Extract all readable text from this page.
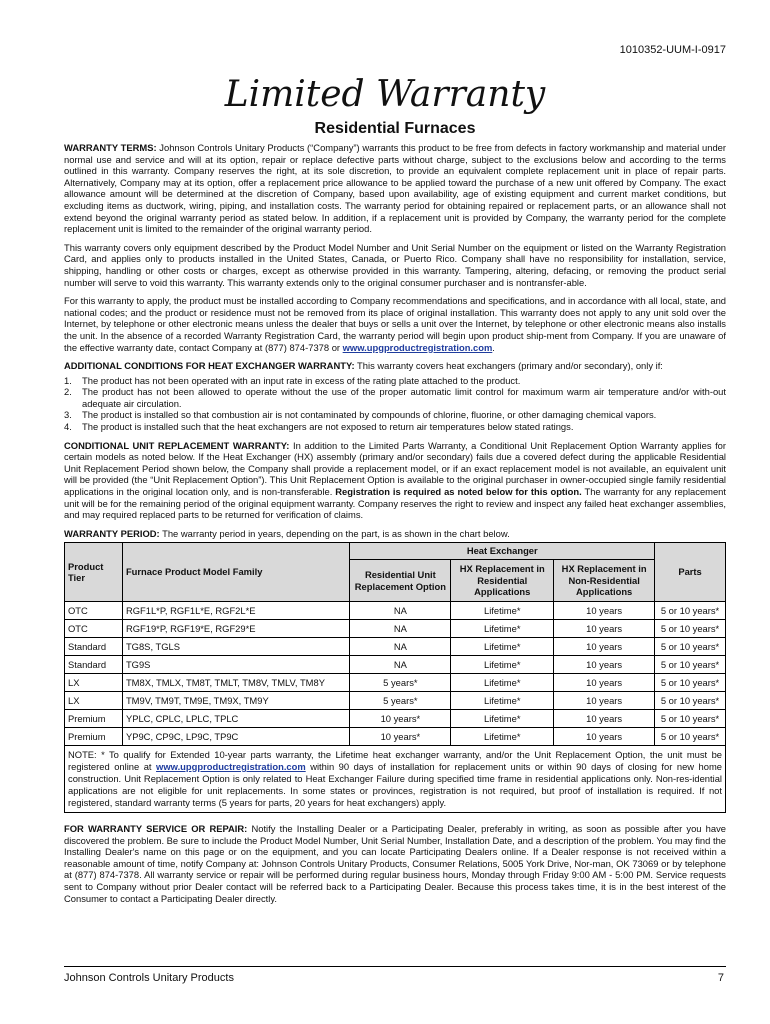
1010352-UUM-I-0917
Limited Warranty
Residential Furnaces

WARRANTY TERMS: Johnson Controls Unitary Products (“Company”) warrants this product to be free from defects in factory workmanship and material under normal use and service and will at its option, repair or replace defective parts without charge, subject to the exclusions below and according to the terms outlined in this warranty. Company reserves the right, at its sole discretion, to provide an equivalent complete replacement unit in place of repair parts. Alternatively, Company may at its option, offer a replacement price allowance to be applied toward the purchase of a new unit offered by Company. The exact allowance amount will be determined at the discretion of Company, based upon availability, age of existing equipment and current market conditions, but excluding items as ductwork, wiring, piping, and installation costs. The warranty period for obtaining repaired or replacement parts, or an allowance shall not extend beyond the original warranty period as stated below. In addition, if a replacement unit is provided by Company, the warranty period for the complete replacement unit is limited to the remainder of the original warranty period.

This warranty covers only equipment described by the Product Model Number and Unit Serial Number on the equipment or listed on the Warranty Registration Card, and applies only to products installed in the United States, Canada, or Puerto Rico. Company shall have no responsibility for installation, service, shipping, handling or other costs or charges, except as otherwise provided in this warranty. Tampering, altering, defacing, or removing the product serial number will serve to void this warranty. This warranty extends only to the original consumer purchaser and is nontransfer-able.

For this warranty to apply, the product must be installed according to Company recommendations and specifications, and in accordance with all local, state, and national codes; and the product or residence must not be removed from its place of original installation. This warranty does not apply to any unit sold over the Internet, by telephone or other electronic means unless the dealer that buys or sells a unit over the Internet, by telephone or other electronic means also installs the unit. In the absence of a recorded Warranty Registration Card, the warranty period will begin upon product ship-ment from Company. If you are unaware of the effective warranty date, contact Company at (877) 874-7378 or www.upgproductregistration.com.

ADDITIONAL CONDITIONS FOR HEAT EXCHANGER WARRANTY: This warranty covers heat exchangers (primary and/or secondary), only if:

1. The product has not been operated with an input rate in excess of the rating plate attached to the product.
2. The product has not been allowed to operate without the use of the proper automatic limit control for maximum warm air temperature and/or with-out adequate air circulation.
3. The product is installed so that combustion air is not contaminated by compounds of chlorine, fluorine, or other damaging chemical vapors.
4. The product is installed such that the heat exchangers are not exposed to return air temperatures below stated ratings.

CONDITIONAL UNIT REPLACEMENT WARRANTY: In addition to the Limited Parts Warranty, a Conditional Unit Replacement Option Warranty applies for certain models as noted below. If the Heat Exchanger (HX) assembly (primary and/or secondary) fails due a covered defect during the applicable Residential Unit Replacement Period shown below, the Company shall provide a replacement model, or if an exact replacement model is not available, an equivalent unit will be provided (the “Unit Replacement Option”). This Unit Replacement Option is available to the original purchaser in owner-occupied single family residential applications in the original location only, and is non-transferable. Registration is required as noted below for this option. The warranty for any replacement unit will be for the remaining period of the original equipment warranty. Company reserves the right to review and inspect any failed heat exchanger assemblies, and may required replaced parts to be returned for verification of claims.

WARRANTY PERIOD: The warranty period in years, depending on the part, is as shown in the chart below.

Product Tier	Furnace Product Model Family	Heat Exchanger			Parts
		Residential Unit Replacement Option	HX Replacement in Residential Applications	HX Replacement in Non-Residential Applications	
OTC	RGF1L*P, RGF1L*E, RGF2L*E	NA	Lifetime*	10 years	5 or 10 years*
OTC	RGF19*P, RGF19*E, RGF29*E	NA	Lifetime*	10 years	5 or 10 years*
Standard	TG8S, TGLS	NA	Lifetime*	10 years	5 or 10 years*
Standard	TG9S	NA	Lifetime*	10 years	5 or 10 years*
LX	TM8X, TMLX, TM8T, TMLT, TM8V, TMLV, TM8Y	5 years*	Lifetime*	10 years	5 or 10 years*
LX	TM9V, TM9T, TM9E, TM9X, TM9Y	5 years*	Lifetime*	10 years	5 or 10 years*
Premium	YPLC, CPLC, LPLC, TPLC	10 years*	Lifetime*	10 years	5 or 10 years*
Premium	YP9C, CP9C, LP9C, TP9C	10 years*	Lifetime*	10 years	5 or 10 years*
NOTE: * To qualify for Extended 10-year parts warranty, the Lifetime heat exchanger warranty, and/or the Unit Replacement Option, the unit must be registered online at www.upgproductregistration.com within 90 days of installation for replacement units or within 90 days of closing for new home construction. Unit Replacement Option is only related to Heat Exchanger Failure during specified time frame in residential applications only. Non-res-idential applications are not eligible for unit replacements. In some states or provinces, registration is not required, but proof of installation is required. If not registered, standard warranty terms (5 years for parts, 20 years for heat exchangers) apply.					

FOR WARRANTY SERVICE OR REPAIR: Notify the Installing Dealer or a Participating Dealer, preferably in writing, as soon as possible after you have discovered the problem. Be sure to include the Product Model Number, Unit Serial Number, Installation Date, and a description of the problem. You may find the Installing Dealer's name on this page or on the equipment, and you can locate Participating Dealers online. If a Dealer response is not received within a reasonable amount of time, notify Company at: Johnson Controls Unitary Products, Consumer Relations, 5005 York Drive, Nor-man, OK 73069 or by telephone at (877) 874-7378. All warranty service or repair will be performed during regular business hours, Monday through Friday 9:00 AM - 5:00 PM. Service requests sent to Company without prior Dealer contact will be referred back to a Participating Dealer. Because this process takes time, it is in the best interest of the Consumer to contact a Participating Dealer directly.

Johnson Controls Unitary Products	7
